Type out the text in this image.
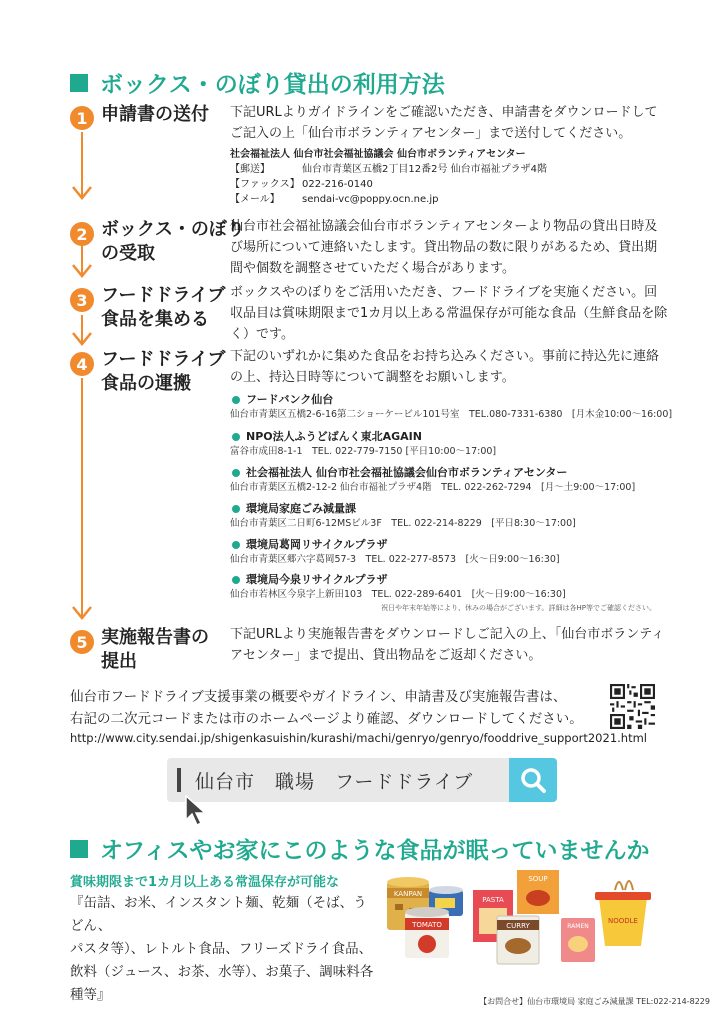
ボックス・のぼり貸出の利用方法
1 申請書の送付 下記URLよりガイドラインをご確認いただき、申請書をダウンロードしてご記入の上「仙台市ボランティアセンター」まで送付してください。
社会福祉法人 仙台市社会福祉協議会 仙台市ボランティアセンター
【郵送】	仙台市青葉区五橋2丁目12番2号 仙台市福祉プラザ4階
【ファックス】 022-216-0140
【メール】	sendai-vc@poppy.ocn.ne.jp
2 ボックス・のぼり
の受取
仙台市社会福祉協議会仙台市ボランティアセンターより物品の貸出日時及び場所について連絡いたします。貸出物品の数に限りがあるため、貸出期間や個数を調整させていただく場合があります。
3 フードドライブ
食品を集める
ボックスやのぼりをご活用いただき、フードドライブを実施ください。回収品目は賞味期限まで1カ月以上ある常温保存が可能な食品（生鮮食品を除く）です。
4 フードドライブ
食品の運搬
下記のいずれかに集めた食品をお持ち込みください。事前に持込先に連絡の上、持込日時等について調整をお願いします。
フードバンク仙台
仙台市青葉区五橋2-6-16第二ショーケービル101号室　TEL.080-7331-6380　[月木金10:00～16:00]
NPO法人ふうどばんく東北AGAIN
富谷市成田8-1-1　TEL. 022-779-7150 [平日10:00～17:00]
社会福祉法人 仙台市社会福祉協議会仙台市ボランティアセンター
仙台市青葉区五橋2-12-2 仙台市福祉プラザ4階　TEL. 022-262-7294　[月～土9:00～17:00]
環境局家庭ごみ減量課
仙台市青葉区二日町6-12MSビル3F　TEL. 022-214-8229　[平日8:30～17:00]
環境局葛岡リサイクルプラザ
仙台市青葉区郷六字葛岡57-3　TEL. 022-277-8573　[火～日9:00～16:30]
環境局今泉リサイクルプラザ
仙台市若林区今泉字上新田103　TEL. 022-289-6401　[火～日9:00～16:30]
祝日や年末年始等により、休みの場合がございます。詳細は各HP等でご確認ください。
5 実施報告書の
提出
下記URLより実施報告書をダウンロードしご記入の上、「仙台市ボランティアセンター」まで提出、貸出物品をご返却ください。
仙台市フードドライブ支援事業の概要やガイドライン、申請書及び実施報告書は、
右記の二次元コードまたは市のホームページより確認、ダウンロードしてください。
http://www.city.sendai.jp/shigenkasuishin/kurashi/machi/genryo/genryo/fooddrive_support2021.html
仙台市　職場　フードドライブ
オフィスやお家にこのような食品が眠っていませんか
賞味期限まで1カ月以上ある常温保存が可能な
『缶詰、お米、インスタント麺、乾麺（そば、うどん、
パスタ等）、レトルト食品、フリーズドライ食品、
飲料（ジュース、お茶、水等）、お菓子、調味料各種等』
KANPAN
TOMATO
PASTA
SOUP
CURRY	RAMEN
NOODLE
【お問合せ】仙台市環境局 家庭ごみ減量課 TEL:022-214-8229
